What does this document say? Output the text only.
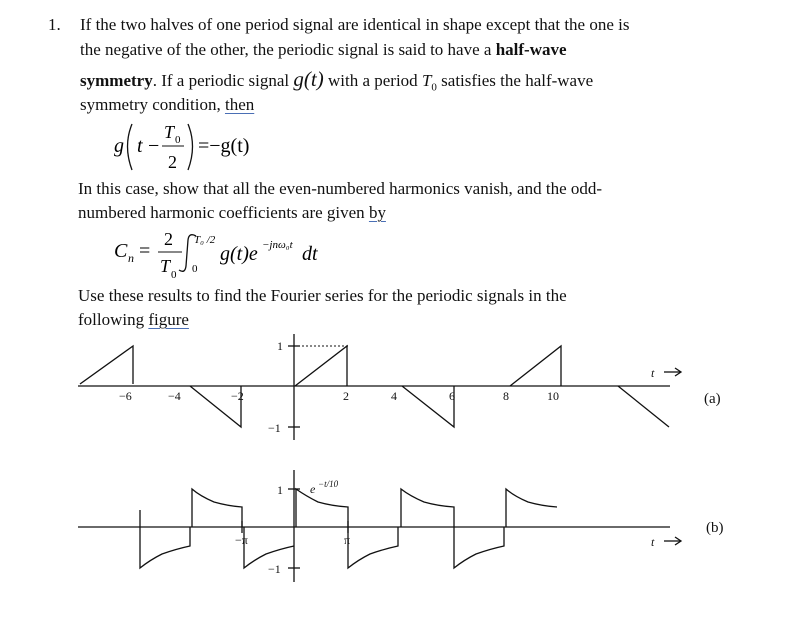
1. If the two halves of one period signal are identical in shape except that the one is
the negative of the other, the periodic signal is said to have a half-wave
symmetry. If a periodic signal g(t) with a period $T_0$ satisfies the half-wave
symmetry condition, then
g t −
T 0
2
=−g(t)
In this case, show that all the even-numbered harmonics vanish, and the odd-
numbered harmonic coefficients are given by
C n =
2
T 0
T₀ /2
0
g(t)e −jnω₀t dt
Use these results to find the Fourier series for the periodic signals in the
following figure
−6	−4	−2	2	4	6	8	10
1
−1
t
(a)
1
−1
−π	π
e −t/10
t
(b)
